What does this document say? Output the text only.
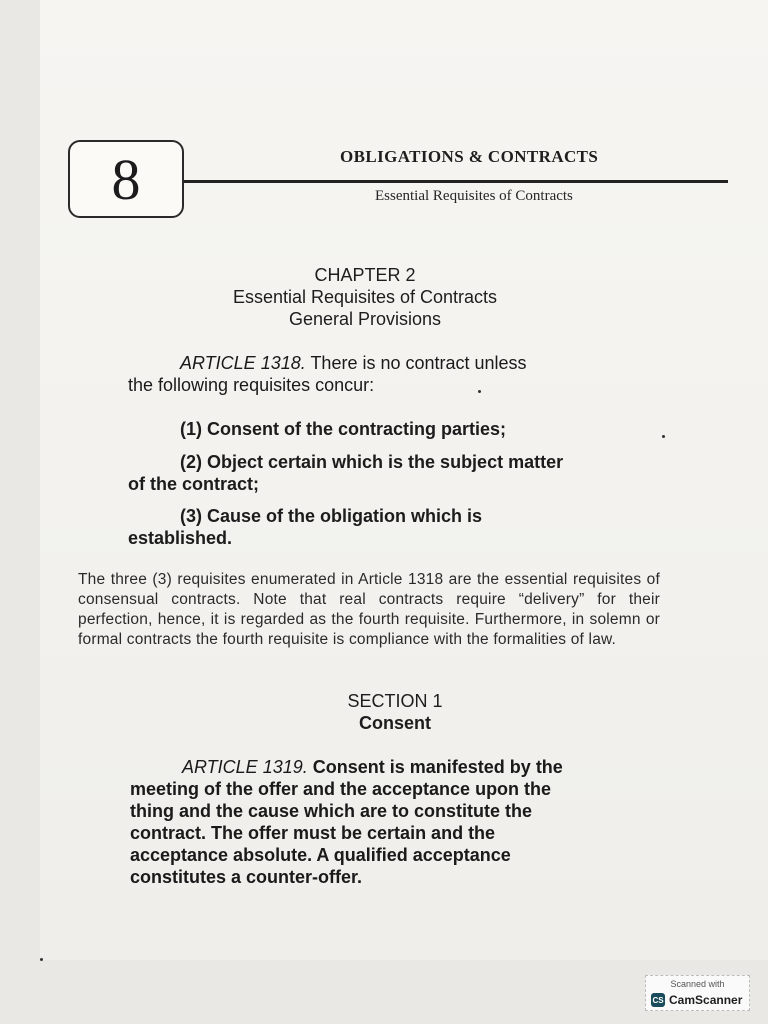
8	OBLIGATIONS & CONTRACTS
Essential Requisites of Contracts
CHAPTER 2
Essential Requisites of Contracts
General Provisions
ARTICLE 1318. There is no contract unless
the following requisites concur:
(1) Consent of the contracting parties;
(2) Object certain which is the subject matter
of the contract;
(3) Cause of the obligation which is
established.
The three (3) requisites enumerated in Article 1318 are the essential requisites of consensual contracts. Note that real contracts require “delivery” for their perfection, hence, it is regarded as the fourth requisite. Furthermore, in solemn or formal contracts the fourth requisite is compliance with the formalities of law.
SECTION 1
Consent
ARTICLE 1319. Consent is manifested by the
meeting of the offer and the acceptance upon the
thing and the cause which are to constitute the
contract. The offer must be certain and the
acceptance absolute. A qualified acceptance
constitutes a counter-offer.
Scanned with
CS CamScanner
